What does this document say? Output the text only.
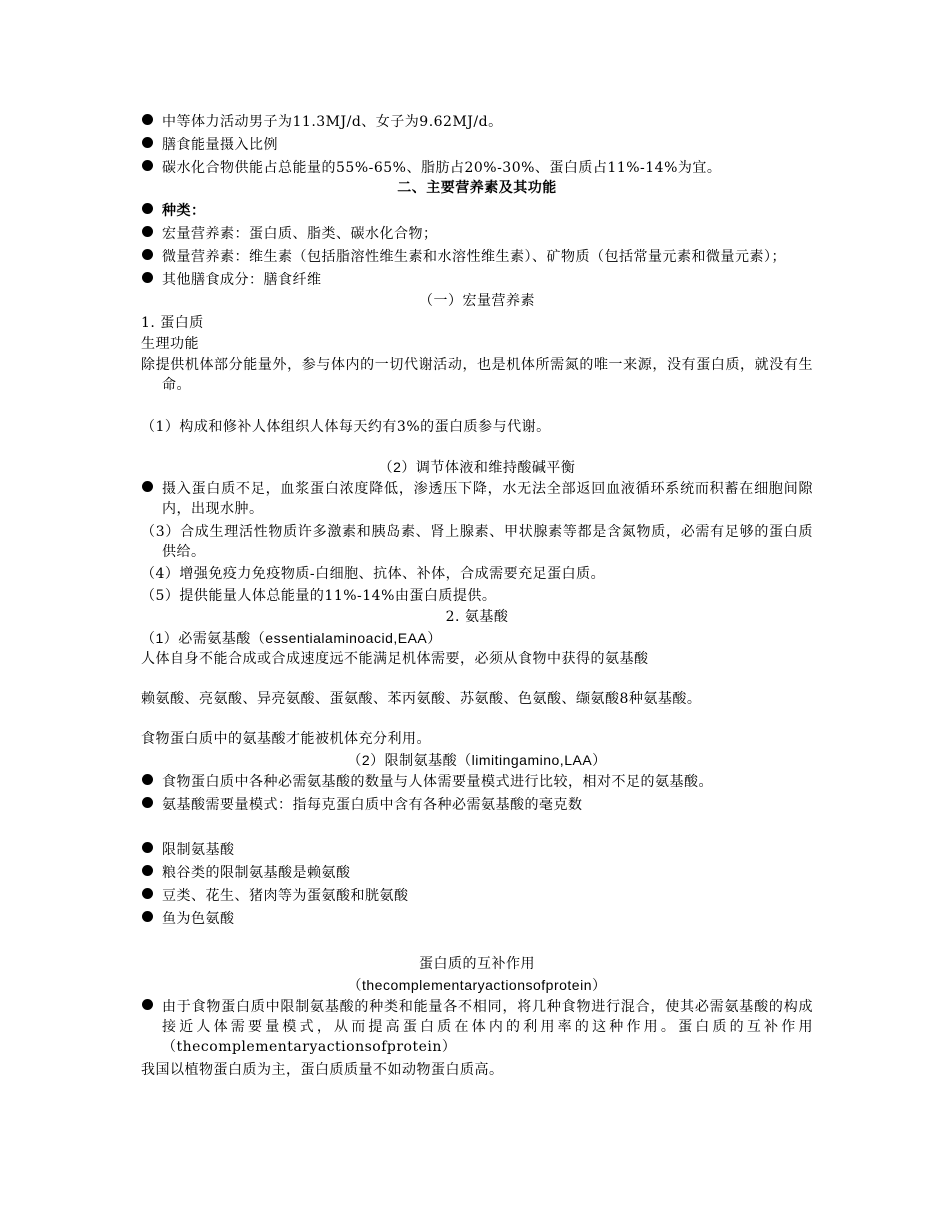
中等体力活动男子为11.3MJ/d、女子为9.62MJ/d。

膳食能量摄入比例

碳水化合物供能占总能量的55%-65%、脂肪占20%-30%、蛋白质占11%-14%为宜。

二、主要营养素及其功能

种类：

宏量营养素：蛋白质、脂类、碳水化合物；

微量营养素：维生素（包括脂溶性维生素和水溶性维生素）、矿物质（包括常量元素和微量元素）；

其他膳食成分：膳食纤维

（一）宏量营养素

1. 蛋白质

生理功能

除提供机体部分能量外，参与体内的一切代谢活动，也是机体所需氮的唯一来源，没有蛋白质，就没有生命。

（1）构成和修补人体组织人体每天约有3%的蛋白质参与代谢。

（2）调节体液和维持酸碱平衡

摄入蛋白质不足，血浆蛋白浓度降低，渗透压下降，水无法全部返回血液循环系统而积蓄在细胞间隙内，出现水肿。

（3）合成生理活性物质许多激素和胰岛素、肾上腺素、甲状腺素等都是含氮物质，必需有足够的蛋白质供给。

（4）增强免疫力免疫物质-白细胞、抗体、补体，合成需要充足蛋白质。

（5）提供能量人体总能量的11%-14%由蛋白质提供。

2. 氨基酸

（1）必需氨基酸（essentialaminoacid,EAA）

人体自身不能合成或合成速度远不能满足机体需要，必须从食物中获得的氨基酸

赖氨酸、亮氨酸、异亮氨酸、蛋氨酸、苯丙氨酸、苏氨酸、色氨酸、缬氨酸8种氨基酸。

食物蛋白质中的氨基酸才能被机体充分利用。

（2）限制氨基酸（limitingamino,LAA）

食物蛋白质中各种必需氨基酸的数量与人体需要量模式进行比较，相对不足的氨基酸。

氨基酸需要量模式：指每克蛋白质中含有各种必需氨基酸的毫克数

限制氨基酸

粮谷类的限制氨基酸是赖氨酸

豆类、花生、猪肉等为蛋氨酸和胱氨酸

鱼为色氨酸

蛋白质的互补作用

（thecomplementaryactionsofprotein）

由于食物蛋白质中限制氨基酸的种类和能量各不相同，将几种食物进行混合，使其必需氨基酸的构成接近人体需要量模式，从而提高蛋白质在体内的利用率的这种作用。蛋白质的互补作用（thecomplementaryactionsofprotein）

我国以植物蛋白质为主，蛋白质质量不如动物蛋白质高。
